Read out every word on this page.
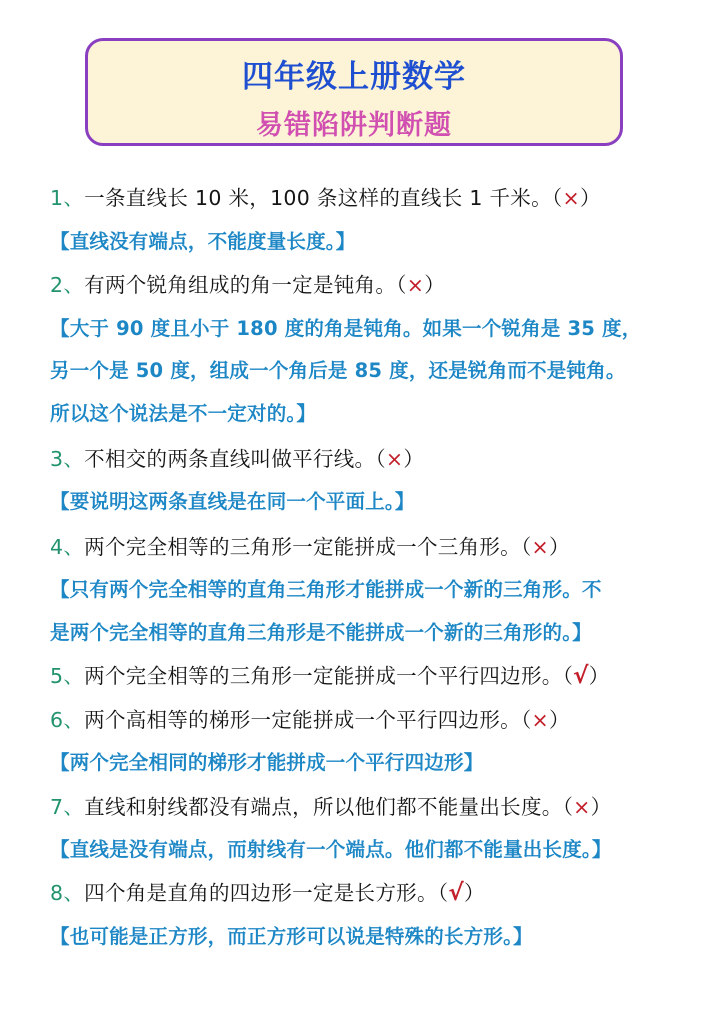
四年级上册数学
易错陷阱判断题
1、一条直线长 10 米，100 条这样的直线长 1 千米。（×）
【直线没有端点，不能度量长度。】
2、有两个锐角组成的角一定是钝角。（×）
【大于 90 度且小于 180 度的角是钝角。如果一个锐角是 35 度，
另一个是 50 度，组成一个角后是 85 度，还是锐角而不是钝角。
所以这个说法是不一定对的。】
3、不相交的两条直线叫做平行线。（×）
【要说明这两条直线是在同一个平面上。】
4、两个完全相等的三角形一定能拼成一个三角形。（×）
【只有两个完全相等的直角三角形才能拼成一个新的三角形。不
是两个完全相等的直角三角形是不能拼成一个新的三角形的。】
5、两个完全相等的三角形一定能拼成一个平行四边形。（√）
6、两个高相等的梯形一定能拼成一个平行四边形。（×）
【两个完全相同的梯形才能拼成一个平行四边形】
7、直线和射线都没有端点，所以他们都不能量出长度。（×）
【直线是没有端点，而射线有一个端点。他们都不能量出长度。】
8、四个角是直角的四边形一定是长方形。（√）
【也可能是正方形，而正方形可以说是特殊的长方形。】
